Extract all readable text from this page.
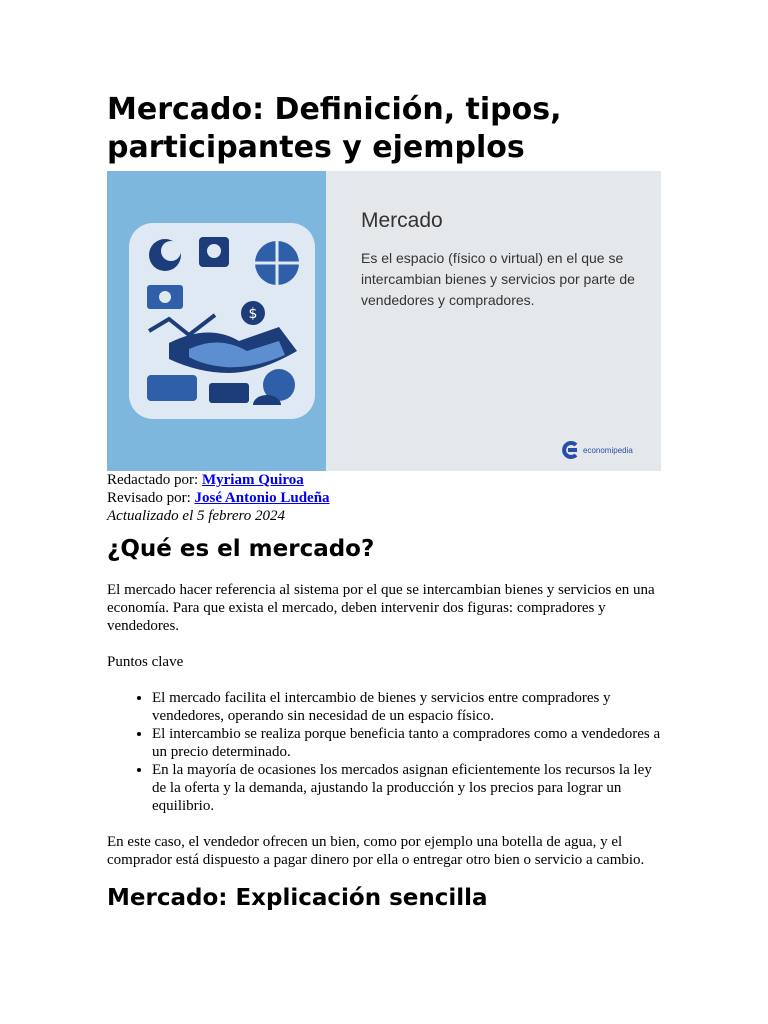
Mercado: Definición, tipos, participantes y ejemplos
$
Mercado
Es el espacio (físico o virtual) en el que se intercambian bienes y servicios por parte de vendedores y compradores.
economipedia
Redactado por: Myriam Quiroa
Revisado por: José Antonio Ludeña
Actualizado el 5 febrero 2024
¿Qué es el mercado?

El mercado hacer referencia al sistema por el que se intercambian bienes y servicios en una economía. Para que exista el mercado, deben intervenir dos figuras: compradores y vendedores.

Puntos clave

• El mercado facilita el intercambio de bienes y servicios entre compradores y vendedores, operando sin necesidad de un espacio físico.
• El intercambio se realiza porque beneficia tanto a compradores como a vendedores a un precio determinado.
• En la mayoría de ocasiones los mercados asignan eficientemente los recursos la ley de la oferta y la demanda, ajustando la producción y los precios para lograr un equilibrio.

En este caso, el vendedor ofrecen un bien, como por ejemplo una botella de agua, y el comprador está dispuesto a pagar dinero por ella o entregar otro bien o servicio a cambio.

Mercado: Explicación sencilla
